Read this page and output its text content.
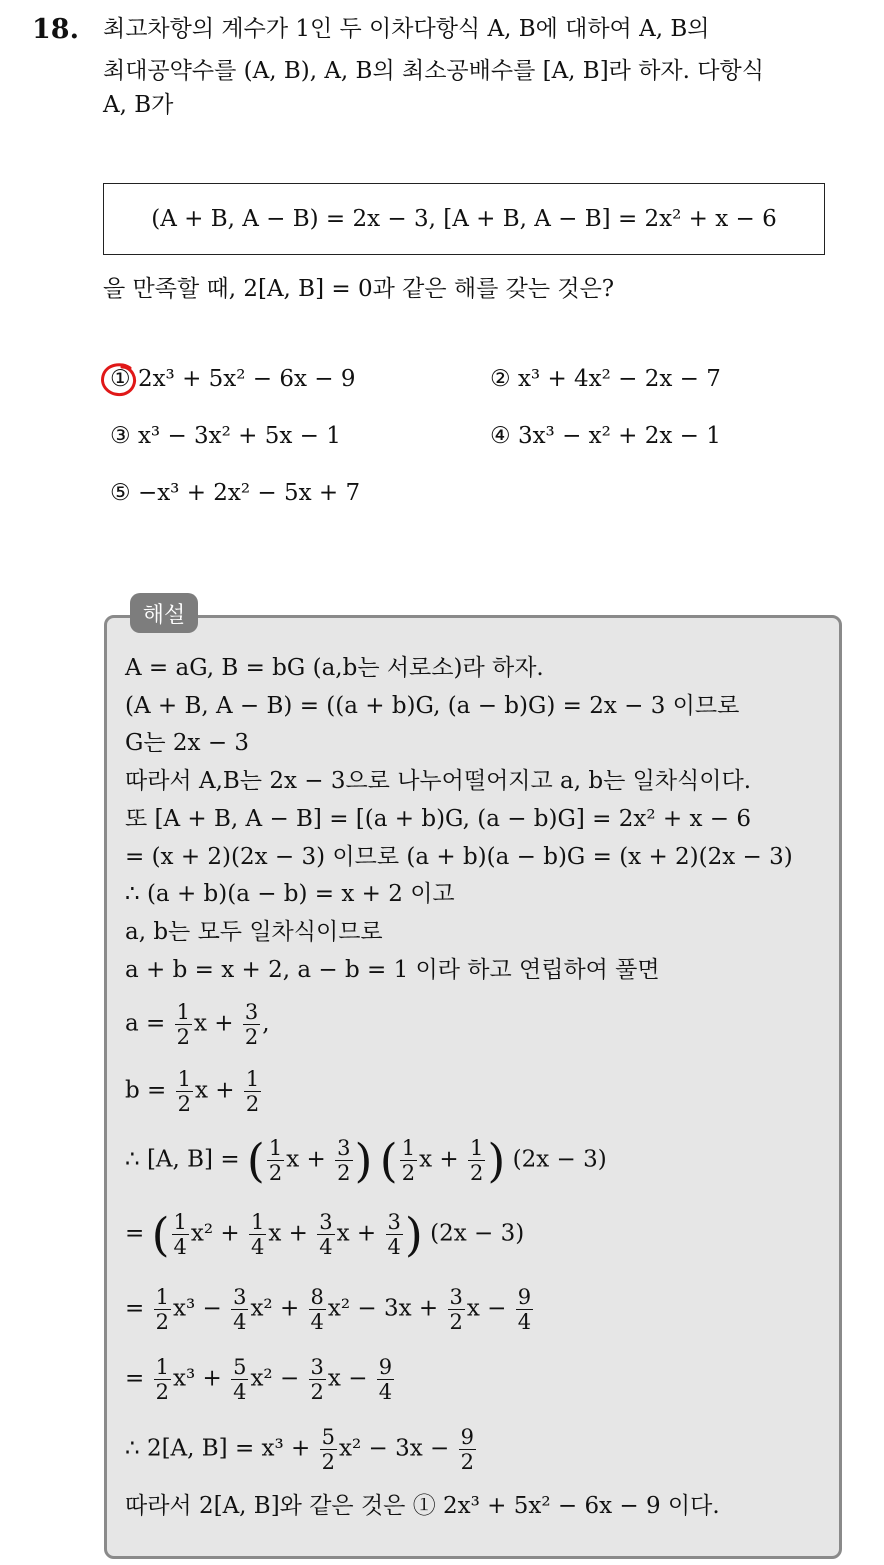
18. 최고차항의 계수가 1인 두 이차다항식 A, B에 대하여 A, B의
최대공약수를 (A, B), A, B의 최소공배수를 [A, B]라 하자. 다항식
A, B가
(A + B, A − B) = 2x − 3, [A + B, A − B] = 2x² + x − 6
을 만족할 때, 2[A, B] = 0과 같은 해를 갖는 것은?
① 2x³ + 5x² − 6x − 9	② x³ + 4x² − 2x − 7
③ x³ − 3x² + 5x − 1	④ 3x³ − x² + 2x − 1
⑤ −x³ + 2x² − 5x + 7
해설
A = aG, B = bG (a,b는 서로소)라 하자.
(A + B, A − B) = ((a + b)G, (a − b)G) = 2x − 3 이므로
G는 2x − 3
따라서 A,B는 2x − 3으로 나누어떨어지고 a, b는 일차식이다.
또 [A + B, A − B] = [(a + b)G, (a − b)G] = 2x² + x − 6
= (x + 2)(2x − 3) 이므로 (a + b)(a − b)G = (x + 2)(2x − 3)
∴ (a + b)(a − b) = x + 2 이고
a, b는 모두 일차식이므로
a + b = x + 2, a − b = 1 이라 하고 연립하여 풀면
$a = \frac{1}{2}$ $x + \frac{3}{2}$ ,
$b = \frac{1}{2}$ $x + \frac{1}{2}$
∴ [A, B] = ( $\frac{1}{2}$ $x + \frac{3}{2}$ ) ( $\frac{1}{2}$ $x + \frac{1}{2}$ ) (2x − 3)
= ( $\frac{1}{4} x^2 + \frac{1}{4}$ $x + \frac{3}{4}$ $x + \frac{3}{4}$ ) (2x − 3)
= $\frac{1}{2} x^3 - \frac{3}{4} x^2 + \frac{8}{4} x^2 - 3x + \frac{3}{2}$ $x - \frac{9}{4}$
= $\frac{1}{2} x^3 + \frac{5}{4} x^2 - \frac{3}{2}$ $x - \frac{9}{4}$
∴ 2[A, $B] = x^3 + \frac{5}{2} x^2 - 3x - \frac{9}{2}$
따라서 2[A, B]와 같은 것은 ① 2x³ + 5x² − 6x − 9 이다.
